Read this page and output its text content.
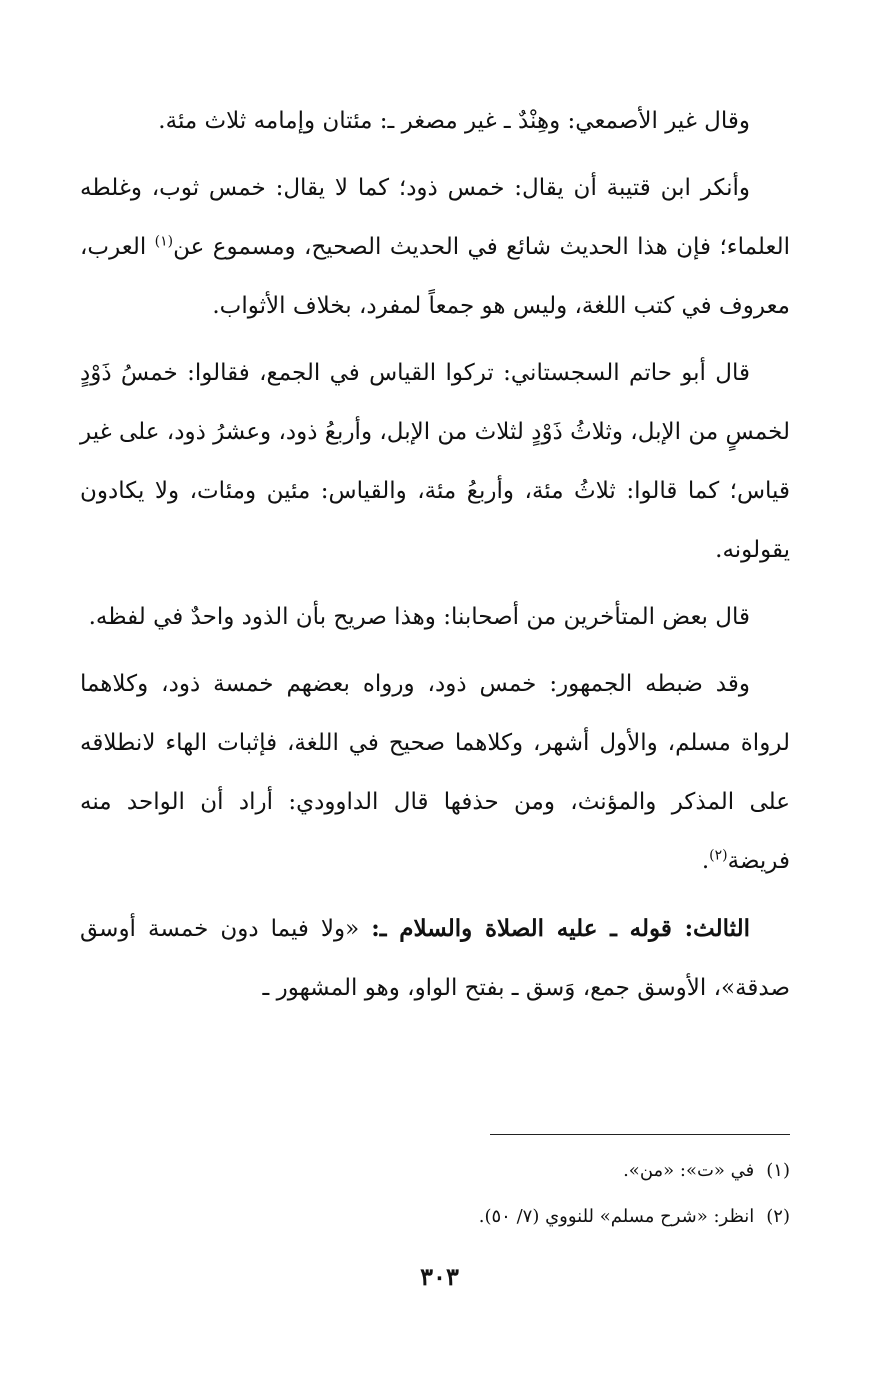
وقال غير الأصمعي: وهِنْدٌ ـ غير مصغر ـ: مئتان وإمامه ثلاث مئة.

وأنكر ابن قتيبة أن يقال: خمس ذود؛ كما لا يقال: خمس ثوب، وغلطه العلماء؛ فإن هذا الحديث شائع في الحديث الصحيح، ومسموع عن$^{(١)}$ العرب، معروف في كتب اللغة، وليس هو جمعاً لمفرد، بخلاف الأثواب.

قال أبو حاتم السجستاني: تركوا القياس في الجمع، فقالوا: خمسُ ذَوْدٍ لخمسٍ من الإبل، وثلاثُ ذَوْدٍ لثلاث من الإبل، وأربعُ ذود، وعشرُ ذود، على غير قياس؛ كما قالوا: ثلاثُ مئة، وأربعُ مئة، والقياس: مئين ومئات، ولا يكادون يقولونه.

قال بعض المتأخرين من أصحابنا: وهذا صريح بأن الذود واحدٌ في لفظه.

وقد ضبطه الجمهور: خمس ذود، ورواه بعضهم خمسة ذود، وكلاهما لرواة مسلم، والأول أشهر، وكلاهما صحيح في اللغة، فإثبات الهاء لانطلاقه على المذكر والمؤنث، ومن حذفها قال الداوودي: أراد أن الواحد منه فريضة$^{(٢)}$.

الثالث: قوله ـ عليه الصلاة والسلام ـ: «ولا فيما دون خمسة أوسق صدقة»، الأوسق جمع، وَسق ـ بفتح الواو، وهو المشهور ـ

(١)في «ت»: «من».

(٢)انظر: «شرح مسلم» للنووي (٧/ ٥٠).

٣٠٣
